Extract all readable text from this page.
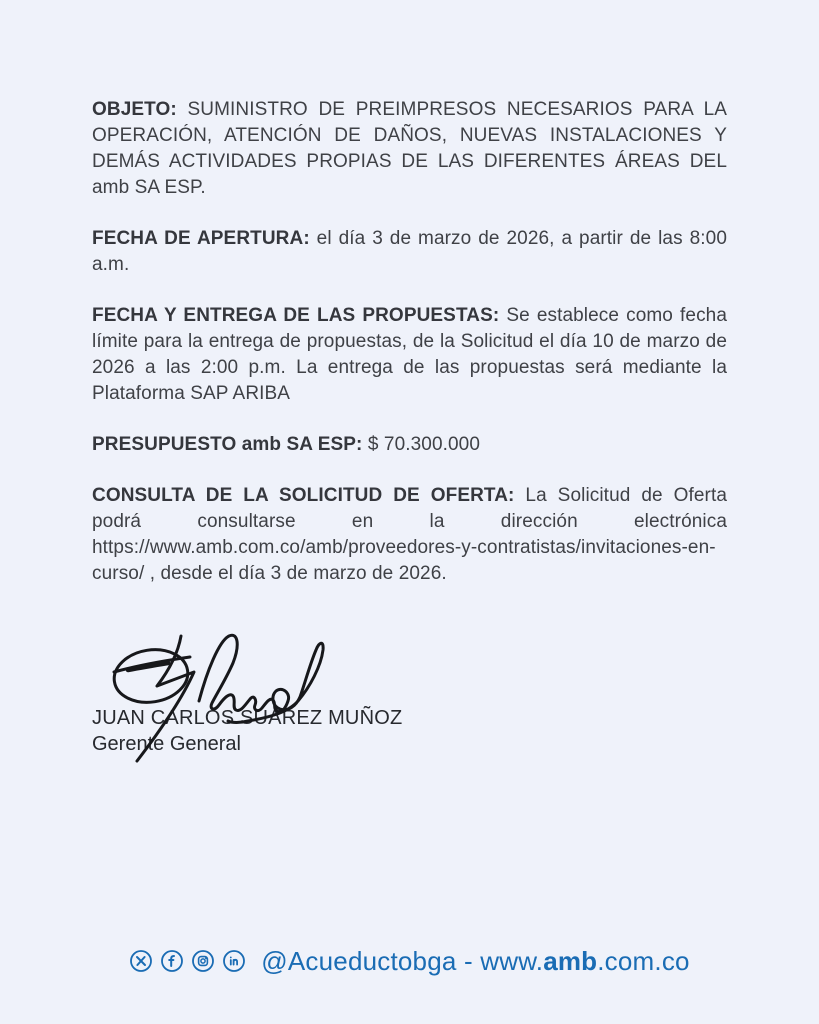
OBJETO: SUMINISTRO DE PREIMPRESOS NECESARIOS PARA LA OPERACIÓN, ATENCIÓN DE DAÑOS, NUEVAS INSTALACIONES Y DEMÁS ACTIVIDADES PROPIAS DE LAS DIFERENTES ÁREAS DEL amb SA ESP.

FECHA DE APERTURA: el día 3 de marzo de 2026, a partir de las 8:00 a.m.

FECHA Y ENTREGA DE LAS PROPUESTAS: Se establece como fecha límite para la entrega de propuestas, de la Solicitud el día 10 de marzo de 2026 a las 2:00 p.m. La entrega de las propuestas será mediante la Plataforma SAP ARIBA

PRESUPUESTO amb SA ESP: $ 70.300.000

CONSULTA DE LA SOLICITUD DE OFERTA: La Solicitud de Oferta podrá consultarse en la dirección electrónica https://www.amb.com.co/amb/proveedores-y-contratistas/invitaciones-en-curso/ , desde el día 3 de marzo de 2026.

JUAN CARLOS SUÁREZ MUÑOZ
Gerente General
@Acueductobga - www.amb.com.co
